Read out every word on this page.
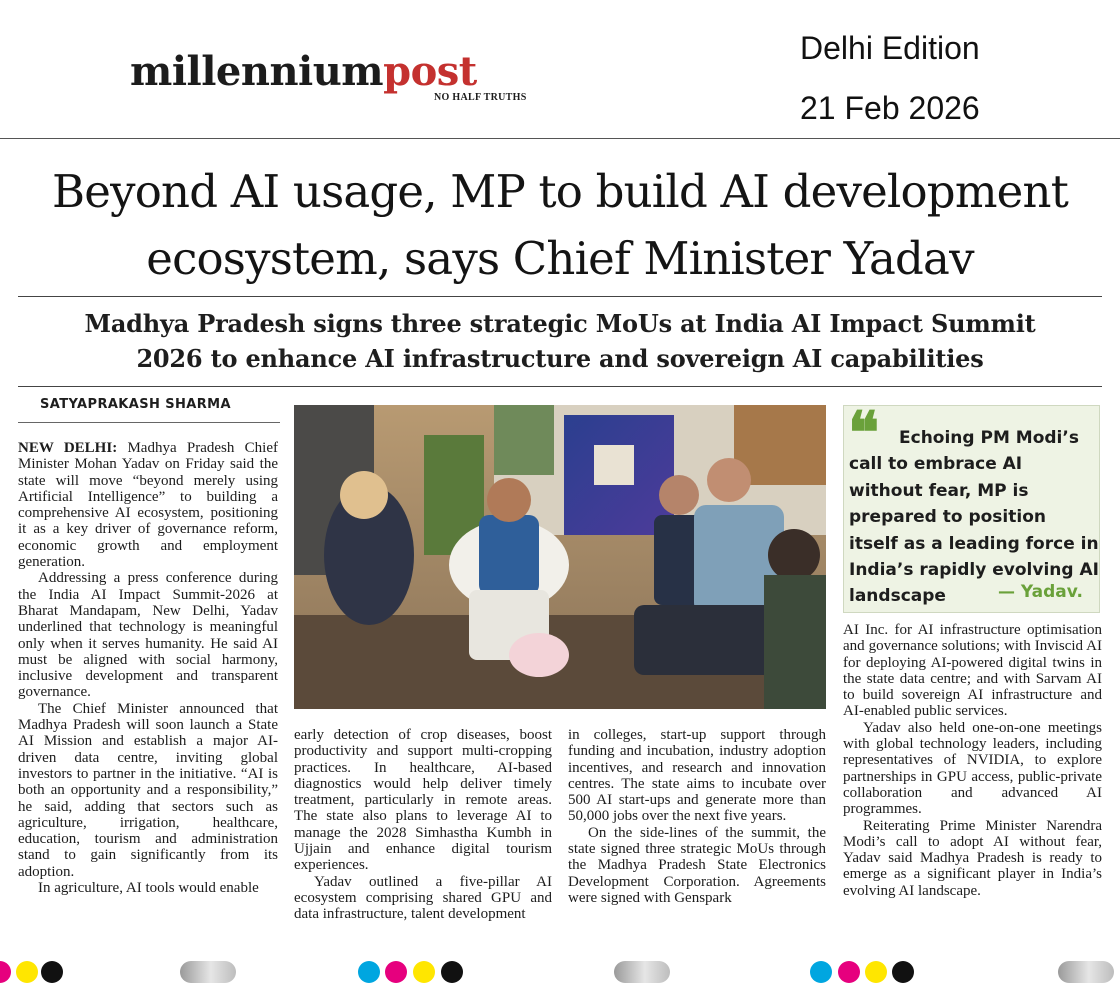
millenniumpost
NO HALF TRUTHS
Delhi Edition
21 Feb 2026
Beyond AI usage, MP to build AI development
ecosystem, says Chief Minister Yadav
Madhya Pradesh signs three strategic MoUs at India AI Impact Summit
2026 to enhance AI infrastructure and sovereign AI capabilities
SATYAPRAKASH SHARMA

NEW DELHI: Madhya Pradesh Chief Minister Mohan Yadav on Friday said the state will move “beyond merely using Artificial Intelligence” to building a comprehensive AI ecosystem, positioning it as a key driver of governance reform, economic growth and employment generation.

Addressing a press conference during the India AI Impact Summit-2026 at Bharat Mandapam, New Delhi, Yadav underlined that technology is meaningful only when it serves humanity. He said AI must be aligned with social harmony, inclusive development and transparent governance.

The Chief Minister announced that Madhya Pradesh will soon launch a State AI Mission and establish a major AI-driven data centre, inviting global investors to partner in the initiative. “AI is both an opportunity and a responsibility,” he said, adding that sectors such as agriculture, irrigation, healthcare, education, tourism and administration stand to gain significantly from its adoption.

In agriculture, AI tools would enable

early detection of crop diseases, boost productivity and support multi-cropping practices. In healthcare, AI-based diagnostics would help deliver timely treatment, particularly in remote areas. The state also plans to leverage AI to manage the 2028 Simhastha Kumbh in Ujjain and enhance digital tourism experiences.

Yadav outlined a five-pillar AI ecosystem comprising shared GPU and data infrastructure, talent development

in colleges, start-up support through funding and incubation, industry adoption incentives, and research and innovation centres. The state aims to incubate over 500 AI start-ups and generate more than 50,000 jobs over the next five years.

On the side-lines of the summit, the state signed three strategic MoUs through the Madhya Pradesh State Electronics Development Corporation. Agreements were signed with Genspark

❝	Echoing PM Modi’s call to embrace AI without fear, MP is prepared to position itself as a leading force in India’s rapidly evolving AI landscape	— Yadav.

AI Inc. for AI infrastructure optimisation and governance solutions; with Inviscid AI for deploying AI-powered digital twins in the state data centre; and with Sarvam AI to build sovereign AI infrastructure and AI-enabled public services.

Yadav also held one-on-one meetings with global technology leaders, including representatives of NVIDIA, to explore partnerships in GPU access, public-private collaboration and advanced AI programmes.

Reiterating Prime Minister Narendra Modi’s call to adopt AI without fear, Yadav said Madhya Pradesh is ready to emerge as a significant player in India’s evolving AI landscape.
